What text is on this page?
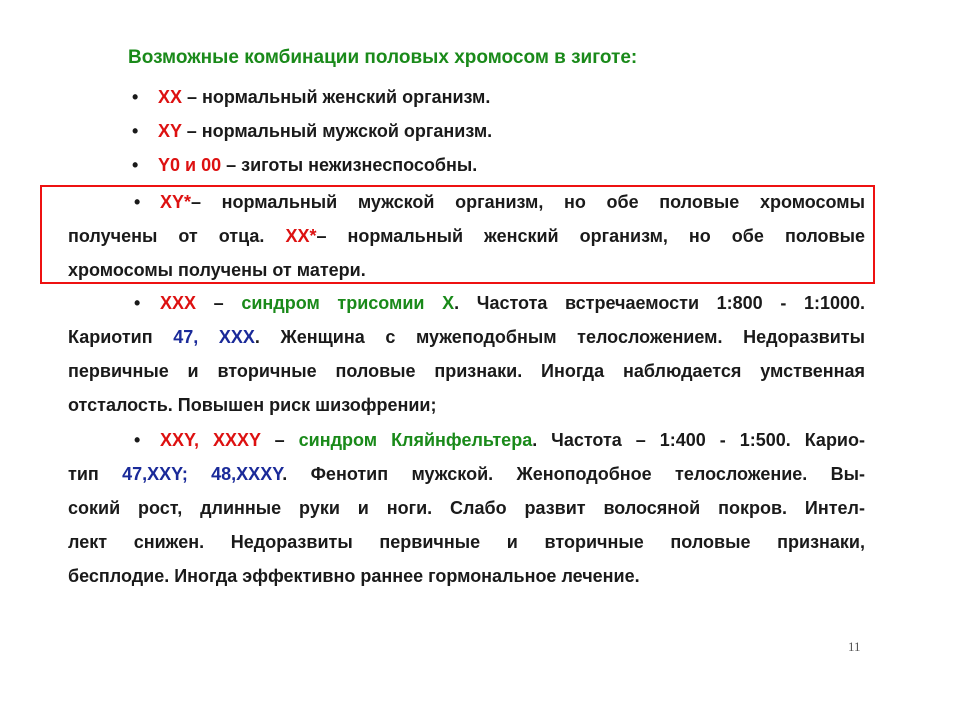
Возможные комбинации половых хромосом в зиготе:
• XX – нормальный женский организм.
• XY – нормальный мужской организм.
• Y0 и 00 – зиготы нежизнеспособны.
• XY*– нормальный мужской организм, но обе половые хромосомы
получены от отца. XX*– нормальный женский организм, но обе половые
хромосомы получены от матери.
• XXX – синдром трисомии Х. Частота встречаемости 1:800 - 1:1000.
Кариотип 47, XXX. Женщина с мужеподобным телосложением. Недоразвиты
первичные и вторичные половые признаки. Иногда наблюдается умственная
отсталость. Повышен риск шизофрении;
• XXY, XXXY – синдром Кляйнфельтера. Частота – 1:400 - 1:500. Карио-
тип 47,XXY; 48,XXXY. Фенотип мужской. Женоподобное телосложение. Вы-
сокий рост, длинные руки и ноги. Слабо развит волосяной покров. Интел-
лект снижен. Недоразвиты первичные и вторичные половые признаки,
бесплодие. Иногда эффективно раннее гормональное лечение.
11
